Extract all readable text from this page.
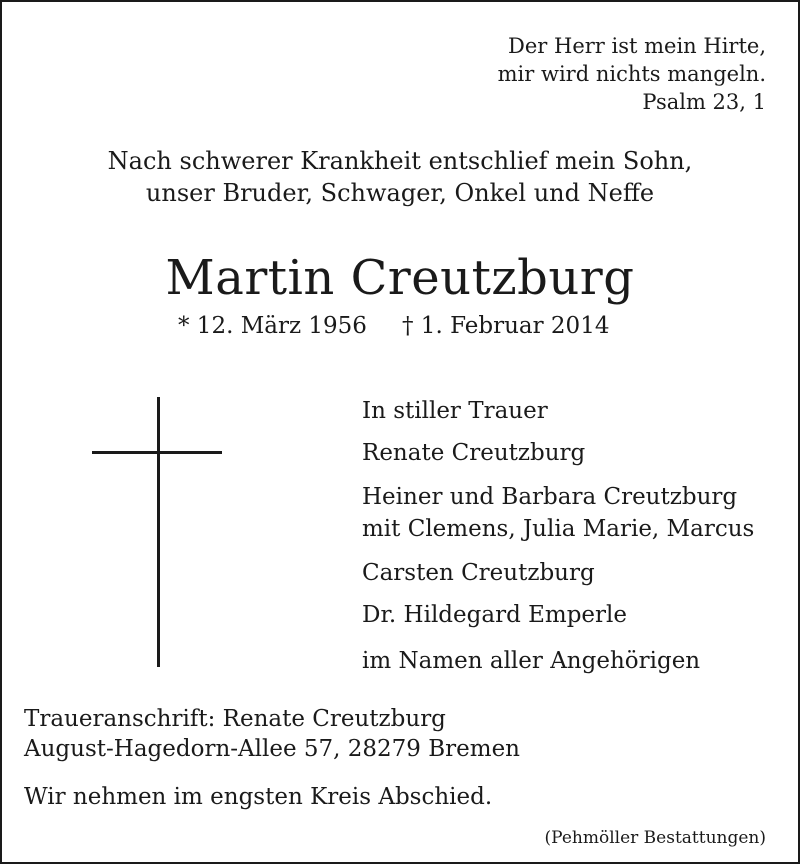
Der Herr ist mein Hirte,
mir wird nichts mangeln.
Psalm 23, 1
Nach schwerer Krankheit entschlief mein Sohn,
unser Bruder, Schwager, Onkel und Neffe
Martin Creutzburg
* 12. März 1956 † 1. Februar 2014
In stiller Trauer
Renate Creutzburg
Heiner und Barbara Creutzburg
mit Clemens, Julia Marie, Marcus
Carsten Creutzburg
Dr. Hildegard Emperle
im Namen aller Angehörigen
Traueranschrift: Renate Creutzburg
August-Hagedorn-Allee 57, 28279 Bremen
Wir nehmen im engsten Kreis Abschied.
(Pehmöller Bestattungen)
